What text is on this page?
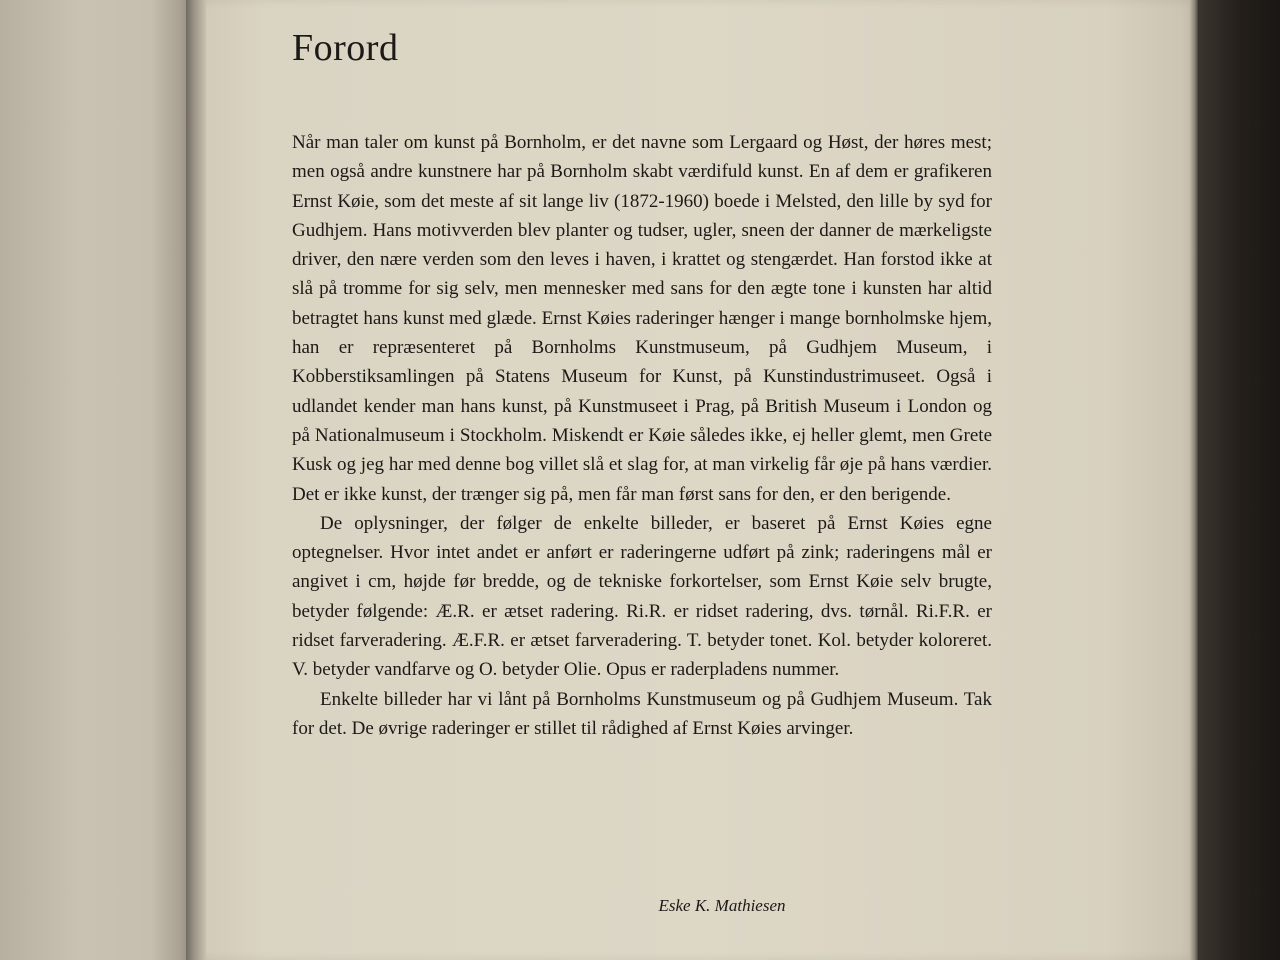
Forord

Når man taler om kunst på Bornholm, er det navne som Lergaard og Høst, der høres mest; men også andre kunstnere har på Bornholm skabt værdifuld kunst. En af dem er grafikeren Ernst Køie, som det meste af sit lange liv (1872-1960) boede i Melsted, den lille by syd for Gudhjem. Hans motivverden blev planter og tudser, ugler, sneen der danner de mærkeligste driver, den nære verden som den leves i haven, i krattet og stengærdet. Han forstod ikke at slå på tromme for sig selv, men mennesker med sans for den ægte tone i kunsten har altid betragtet hans kunst med glæde. Ernst Køies raderinger hænger i mange bornholmske hjem, han er repræsenteret på Bornholms Kunstmuseum, på Gudhjem Museum, i Kobberstiksamlingen på Statens Museum for Kunst, på Kunstindustrimuseet. Også i udlandet kender man hans kunst, på Kunstmuseet i Prag, på British Museum i London og på Nationalmuseum i Stockholm. Miskendt er Køie således ikke, ej heller glemt, men Grete Kusk og jeg har med denne bog villet slå et slag for, at man virkelig får øje på hans værdier. Det er ikke kunst, der trænger sig på, men får man først sans for den, er den berigende.

De oplysninger, der følger de enkelte billeder, er baseret på Ernst Køies egne optegnelser. Hvor intet andet er anført er raderingerne udført på zink; raderingens mål er angivet i cm, højde før bredde, og de tekniske forkortelser, som Ernst Køie selv brugte, betyder følgende: Æ.R. er ætset radering. Ri.R. er ridset radering, dvs. tørnål. Ri.F.R. er ridset farveradering. Æ.F.R. er ætset farveradering. T. betyder tonet. Kol. betyder koloreret. V. betyder vandfarve og O. betyder Olie. Opus er raderpladens nummer.

Enkelte billeder har vi lånt på Bornholms Kunstmuseum og på Gudhjem Museum. Tak for det. De øvrige raderinger er stillet til rådighed af Ernst Køies arvinger.

Eske K. Mathiesen
